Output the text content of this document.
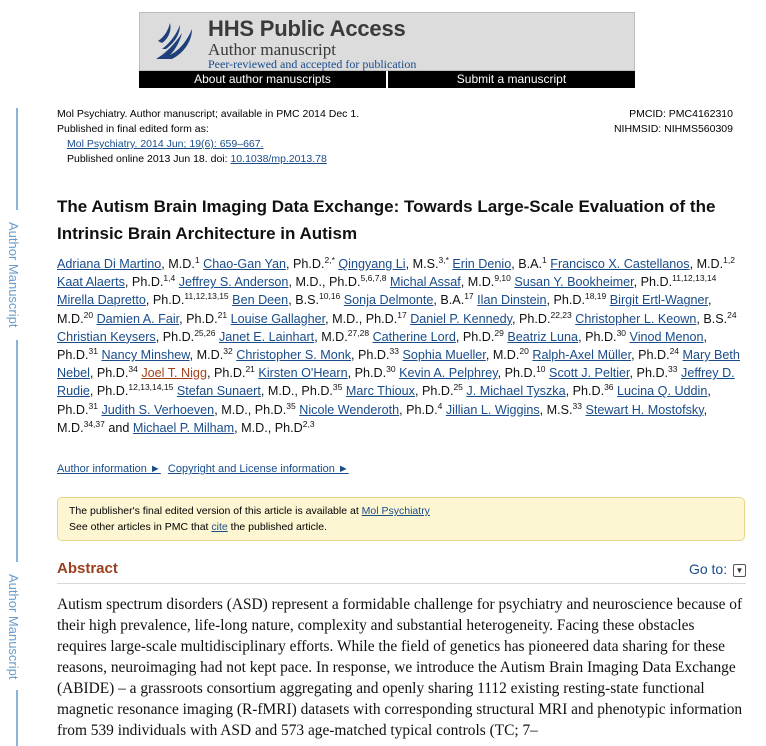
HHS Public Access
Author manuscript
Peer-reviewed and accepted for publication
About author manuscripts	Submit a manuscript
Author Manuscript
Author Manuscript
Mol Psychiatry. Author manuscript; available in PMC 2014 Dec 1.
Published in final edited form as:
Mol Psychiatry. 2014 Jun; 19(6): 659–667.
Published online 2013 Jun 18. doi: 10.1038/mp.2013.78
PMCID: PMC4162310
NIHMSID: NIHMS560309
The Autism Brain Imaging Data Exchange: Towards Large-Scale Evaluation of the Intrinsic Brain Architecture in Autism
Adriana Di Martino, M.D.$^1$ Chao-Gan Yan, Ph.D.$^{2,*}$ Qingyang Li, M.S.$^{3,*}$ Erin Denio, B.A.$^1$ Francisco X. Castellanos, M.D.$^{1,2}$ Kaat Alaerts, Ph.D.$^{1,4}$ Jeffrey S. Anderson, M.D., Ph.D.$^{5,6,7,8}$ Michal Assaf, M.D.$^{9,10}$ Susan Y. Bookheimer, Ph.D.$^{11,12,13,14}$ Mirella Dapretto, Ph.D.$^{11,12,13,15}$ Ben Deen, B.S.$^{10,16}$ Sonja Delmonte, B.A.$^{17}$ Ilan Dinstein, Ph.D.$^{18,19}$ Birgit Ertl-Wagner, M.D.$^{20}$ Damien A. Fair, Ph.D.$^{21}$ Louise Gallagher, M.D., Ph.D.$^{17}$ Daniel P. Kennedy, Ph.D.$^{22,23}$ Christopher L. Keown, B.S.$^{24}$ Christian Keysers, Ph.D.$^{25,26}$ Janet E. Lainhart, M.D.$^{27,28}$ Catherine Lord, Ph.D.$^{29}$ Beatriz Luna, Ph.D.$^{30}$ Vinod Menon, Ph.D.$^{31}$ Nancy Minshew, M.D.$^{32}$ Christopher S. Monk, Ph.D.$^{33}$ Sophia Mueller, M.D.$^{20}$ Ralph-Axel Müller, Ph.D.$^{24}$ Mary Beth Nebel, Ph.D.$^{34}$ Joel T. Nigg, Ph.D.$^{21}$ Kirsten O'Hearn, Ph.D.$^{30}$ Kevin A. Pelphrey, Ph.D.$^{10}$ Scott J. Peltier, Ph.D.$^{33}$ Jeffrey D. Rudie, Ph.D.$^{12,13,14,15}$ Stefan Sunaert, M.D., Ph.D.$^{35}$ Marc Thioux, Ph.D.$^{25}$ J. Michael Tyszka, Ph.D.$^{36}$ Lucina Q. Uddin, Ph.D.$^{31}$ Judith S. Verhoeven, M.D., Ph.D.$^{35}$ Nicole Wenderoth, Ph.D.$^4$ Jillian L. Wiggins, M.S.$^{33}$ Stewart H. Mostofsky, M.D.$^{34,37}$ and Michael P. Milham, M.D., $Ph.D^{2,3}$
Author information ► Copyright and License information ►
The publisher's final edited version of this article is available at Mol Psychiatry
See other articles in PMC that cite the published article.
Abstract	Go to: ▼
Autism spectrum disorders (ASD) represent a formidable challenge for psychiatry and neuroscience because of their high prevalence, life-long nature, complexity and substantial heterogeneity. Facing these obstacles requires large-scale multidisciplinary efforts. While the field of genetics has pioneered data sharing for these reasons, neuroimaging had not kept pace. In response, we introduce the Autism Brain Imaging Data Exchange (ABIDE) – a grassroots consortium aggregating and openly sharing 1112 existing resting-state functional magnetic resonance imaging (R-fMRI) datasets with corresponding structural MRI and phenotypic information from 539 individuals with ASD and 573 age-matched typical controls (TC; 7–
